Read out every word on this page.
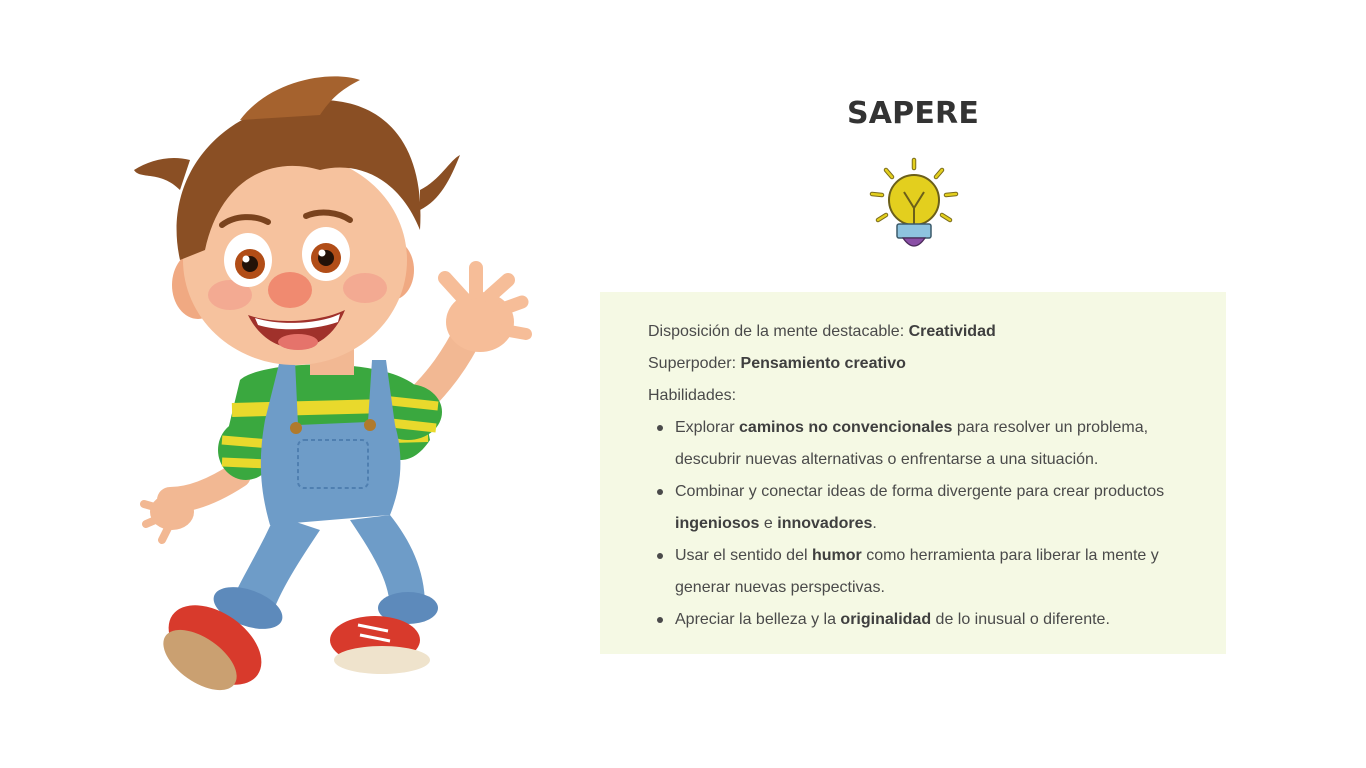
SAPERE

Disposición de la mente destacable: Creatividad

Superpoder: Pensamiento creativo

Habilidades:

Explorar caminos no convencionales para resolver un problema, descubrir nuevas alternativas o enfrentarse a una situación.
Combinar y conectar ideas de forma divergente para crear productos ingeniosos e innovadores.
Usar el sentido del humor como herramienta para liberar la mente y generar nuevas perspectivas.
Apreciar la belleza y la originalidad de lo inusual o diferente.
